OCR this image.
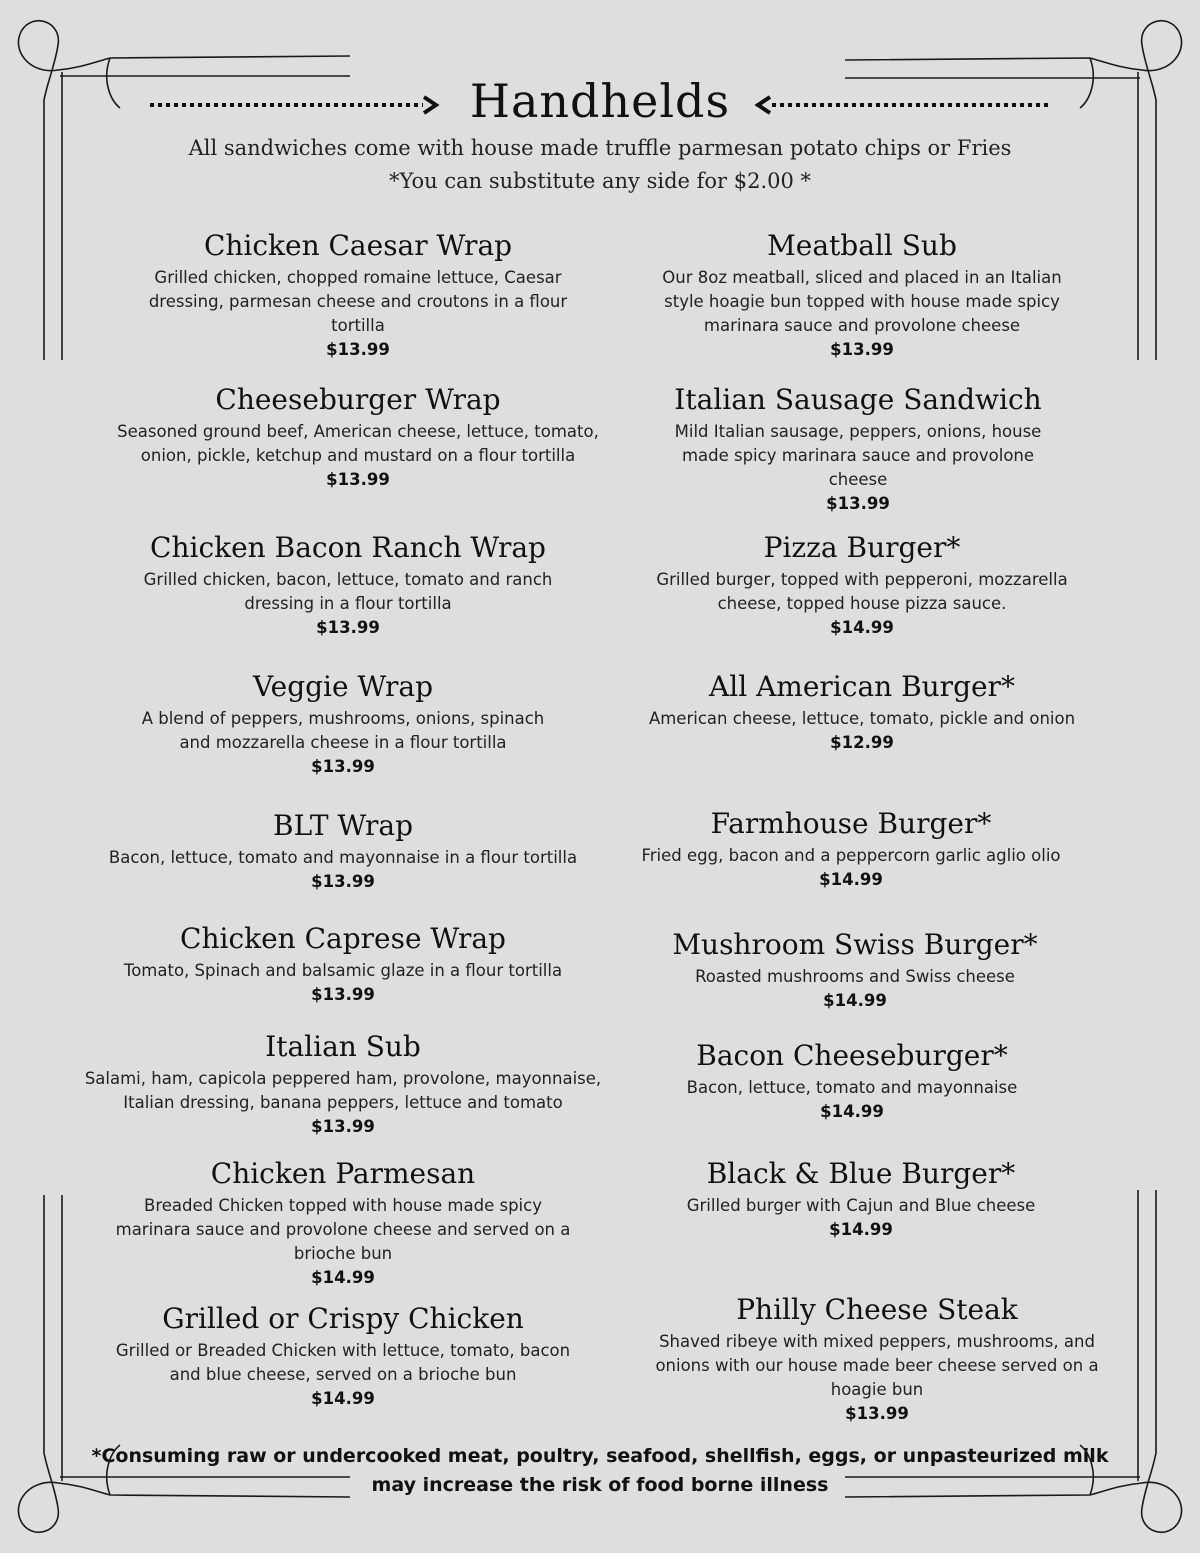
Handhelds
All sandwiches come with house made truffle parmesan potato chips or Fries
*You can substitute any side for $2.00 *
Chicken Caesar Wrap
Grilled chicken, chopped romaine lettuce, Caesar dressing, parmesan cheese and croutons in a flour tortilla
$13.99
Cheeseburger Wrap
Seasoned ground beef, American cheese, lettuce, tomato, onion, pickle, ketchup and mustard on a flour tortilla
$13.99
Chicken Bacon Ranch Wrap
Grilled chicken, bacon, lettuce, tomato and ranch dressing in a flour tortilla
$13.99
Veggie Wrap
A blend of peppers, mushrooms, onions, spinach and mozzarella cheese in a flour tortilla
$13.99
BLT Wrap
Bacon, lettuce, tomato and mayonnaise in a flour tortilla
$13.99
Chicken Caprese Wrap
Tomato, Spinach and balsamic glaze in a flour tortilla
$13.99
Italian Sub
Salami, ham, capicola peppered ham, provolone, mayonnaise, Italian dressing, banana peppers, lettuce and tomato
$13.99
Chicken Parmesan
Breaded Chicken topped with house made spicy marinara sauce and provolone cheese and served on a brioche bun
$14.99
Grilled or Crispy Chicken
Grilled or Breaded Chicken with lettuce, tomato, bacon and blue cheese, served on a brioche bun
$14.99
Meatball Sub
Our 8oz meatball, sliced and placed in an Italian style hoagie bun topped with house made spicy marinara sauce and provolone cheese
$13.99
Italian Sausage Sandwich
Mild Italian sausage, peppers, onions, house made spicy marinara sauce and provolone cheese
$13.99
Pizza Burger*
Grilled burger, topped with pepperoni, mozzarella cheese, topped house pizza sauce.
$14.99
All American Burger*
American cheese, lettuce, tomato, pickle and onion
$12.99
Farmhouse Burger*
Fried egg, bacon and a peppercorn garlic aglio olio
$14.99
Mushroom Swiss Burger*
Roasted mushrooms and Swiss cheese
$14.99
Bacon Cheeseburger*
Bacon, lettuce, tomato and mayonnaise
$14.99
Black & Blue Burger*
Grilled burger with Cajun and Blue cheese
$14.99
Philly Cheese Steak
Shaved ribeye with mixed peppers, mushrooms, and onions with our house made beer cheese served on a hoagie bun
$13.99
*Consuming raw or undercooked meat, poultry, seafood, shellfish, eggs, or unpasteurized milk
may increase the risk of food borne illness
